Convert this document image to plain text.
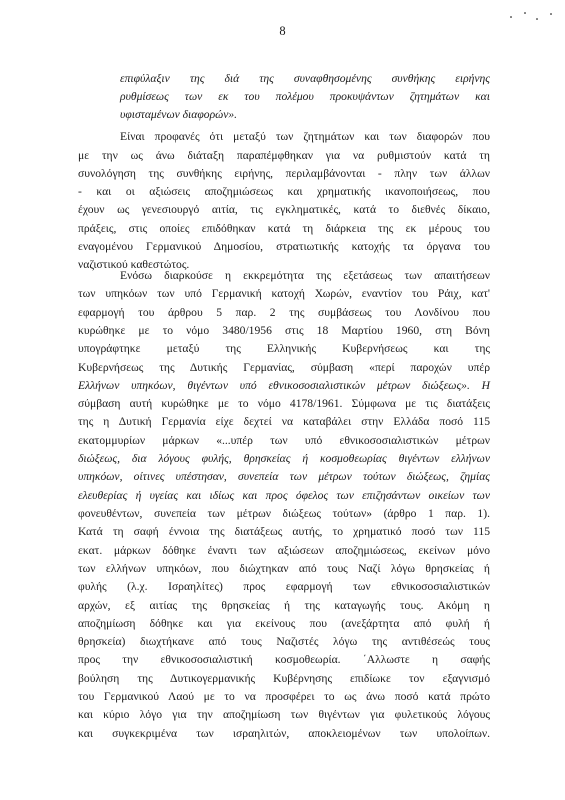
8
επιφύλαξιν της διά της συναφθησομένης συνθήκης ειρήνης
ρυθμίσεως των εκ του πολέμου προκυψάντων ζητημάτων και
υφισταμένων διαφορών».
Είναι προφανές ότι μεταξύ των ζητημάτων και των διαφορών που
με την ως άνω διάταξη παραπέμφθηκαν για να ρυθμιστούν κατά τη
συνολόγηση της συνθήκης ειρήνης, περιλαμβάνονται - πλην των άλλων
- και οι αξιώσεις αποζημιώσεως και χρηματικής ικανοποιήσεως, που
έχουν ως γενεσιουργό αιτία, τις εγκληματικές, κατά το διεθνές δίκαιο,
πράξεις, στις οποίες επιδόθηκαν κατά τη διάρκεια της εκ μέρους του
εναγομένου Γερμανικού Δημοσίου, στρατιωτικής κατοχής τα όργανα του
ναζιστικού καθεστώτος.
Ενόσω διαρκούσε η εκκρεμότητα της εξετάσεως των απαιτήσεων
των υπηκόων των υπό Γερμανική κατοχή Χωρών, εναντίον του Ράιχ, κατ'
εφαρμογή του άρθρου 5 παρ. 2 της συμβάσεως του Λονδίνου που
κυρώθηκε με το νόμο 3480/1956 στις 18 Μαρτίου 1960, στη Βόνη
υπογράφτηκε μεταξύ της Ελληνικής Κυβερνήσεως και της
Κυβερνήσεως της Δυτικής Γερμανίας, σύμβαση «περί παροχών υπέρ
Ελλήνων υπηκόων, θιγέντων υπό εθνικοσοσιαλιστικών μέτρων διώξεως». Η
σύμβαση αυτή κυρώθηκε με το νόμο 4178/1961. Σύμφωνα με τις διατάξεις
της η Δυτική Γερμανία είχε δεχτεί να καταβάλει στην Ελλάδα ποσό 115
εκατομμυρίων μάρκων «...υπέρ των υπό εθνικοσοσιαλιστικών μέτρων
διώξεως, δια λόγους φυλής, θρησκείας ή κοσμοθεωρίας θιγέντων ελλήνων
υπηκόων, οίτινες υπέστησαν, συνεπεία των μέτρων τούτων διώξεως, ζημίας
ελευθερίας ή υγείας και ιδίως και προς όφελος των επιζησάντων οικείων των
φονευθέντων, συνεπεία των μέτρων διώξεως τούτων» (άρθρο 1 παρ. 1).
Κατά τη σαφή έννοια της διατάξεως αυτής, το χρηματικό ποσό των 115
εκατ. μάρκων δόθηκε έναντι των αξιώσεων αποζημιώσεως, εκείνων μόνο
των ελλήνων υπηκόων, που διώχτηκαν από τους Ναζί λόγω θρησκείας ή
φυλής (λ.χ. Ισραηλίτες) προς εφαρμογή των εθνικοσοσιαλιστικών
αρχών, εξ αιτίας της θρησκείας ή της καταγωγής τους. Ακόμη η
αποζημίωση δόθηκε και για εκείνους που (ανεξάρτητα από φυλή ή
θρησκεία) διωχτήκανε από τους Ναζιστές λόγω της αντιθέσεώς τους
προς την εθνικοσοσιαλιστική κοσμοθεωρία. ΄Αλλωστε η σαφής
βούληση της Δυτικογερμανικής Κυβέρνησης επιδίωκε τον εξαγνισμό
του Γερμανικού Λαού με το να προσφέρει το ως άνω ποσό κατά πρώτο
και κύριο λόγο για την αποζημίωση των θιγέντων για φυλετικούς λόγους
και συγκεκριμένα των ισραηλιτών, αποκλειομένων των υπολοίπων.
